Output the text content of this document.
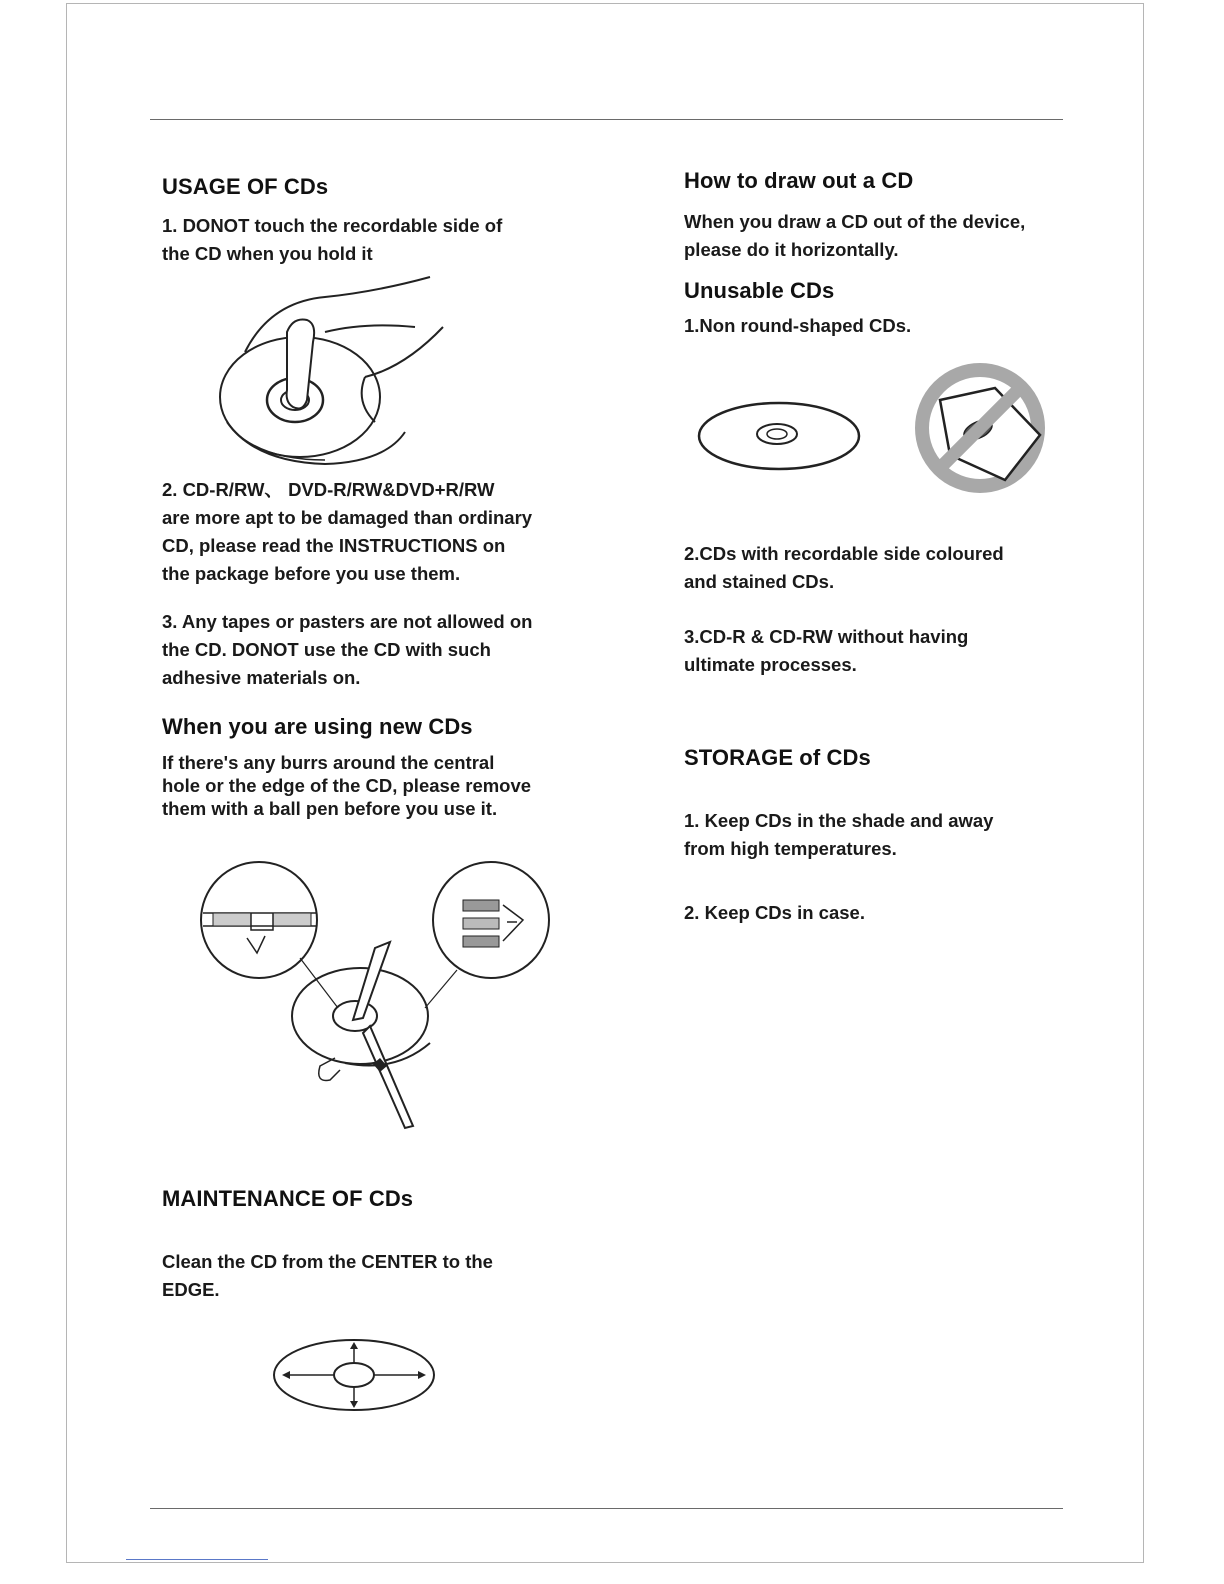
USAGE OF CDs

1. DONOT touch the recordable side of
the CD when you hold it

2. CD-R/RW、 DVD-R/RW&DVD+R/RW
are more apt to be damaged than ordinary
CD, please read the INSTRUCTIONS on
the package before you use them.

3. Any tapes or pasters are not allowed on
the CD. DONOT use the CD with such
adhesive materials on.

When you are using new CDs

If there's any burrs around the central
hole or the edge of the CD, please remove
them with a ball pen before you use it.

MAINTENANCE OF CDs

Clean the CD from the CENTER to the
EDGE.

How to draw out a CD

When you draw a CD out of the device,
please do it horizontally.

Unusable CDs

1.Non round-shaped CDs.

2.CDs with recordable side coloured
and stained CDs.

3.CD-R & CD-RW without having
ultimate processes.

STORAGE of CDs

1. Keep CDs in the shade and away
from high temperatures.

2. Keep CDs in case.
